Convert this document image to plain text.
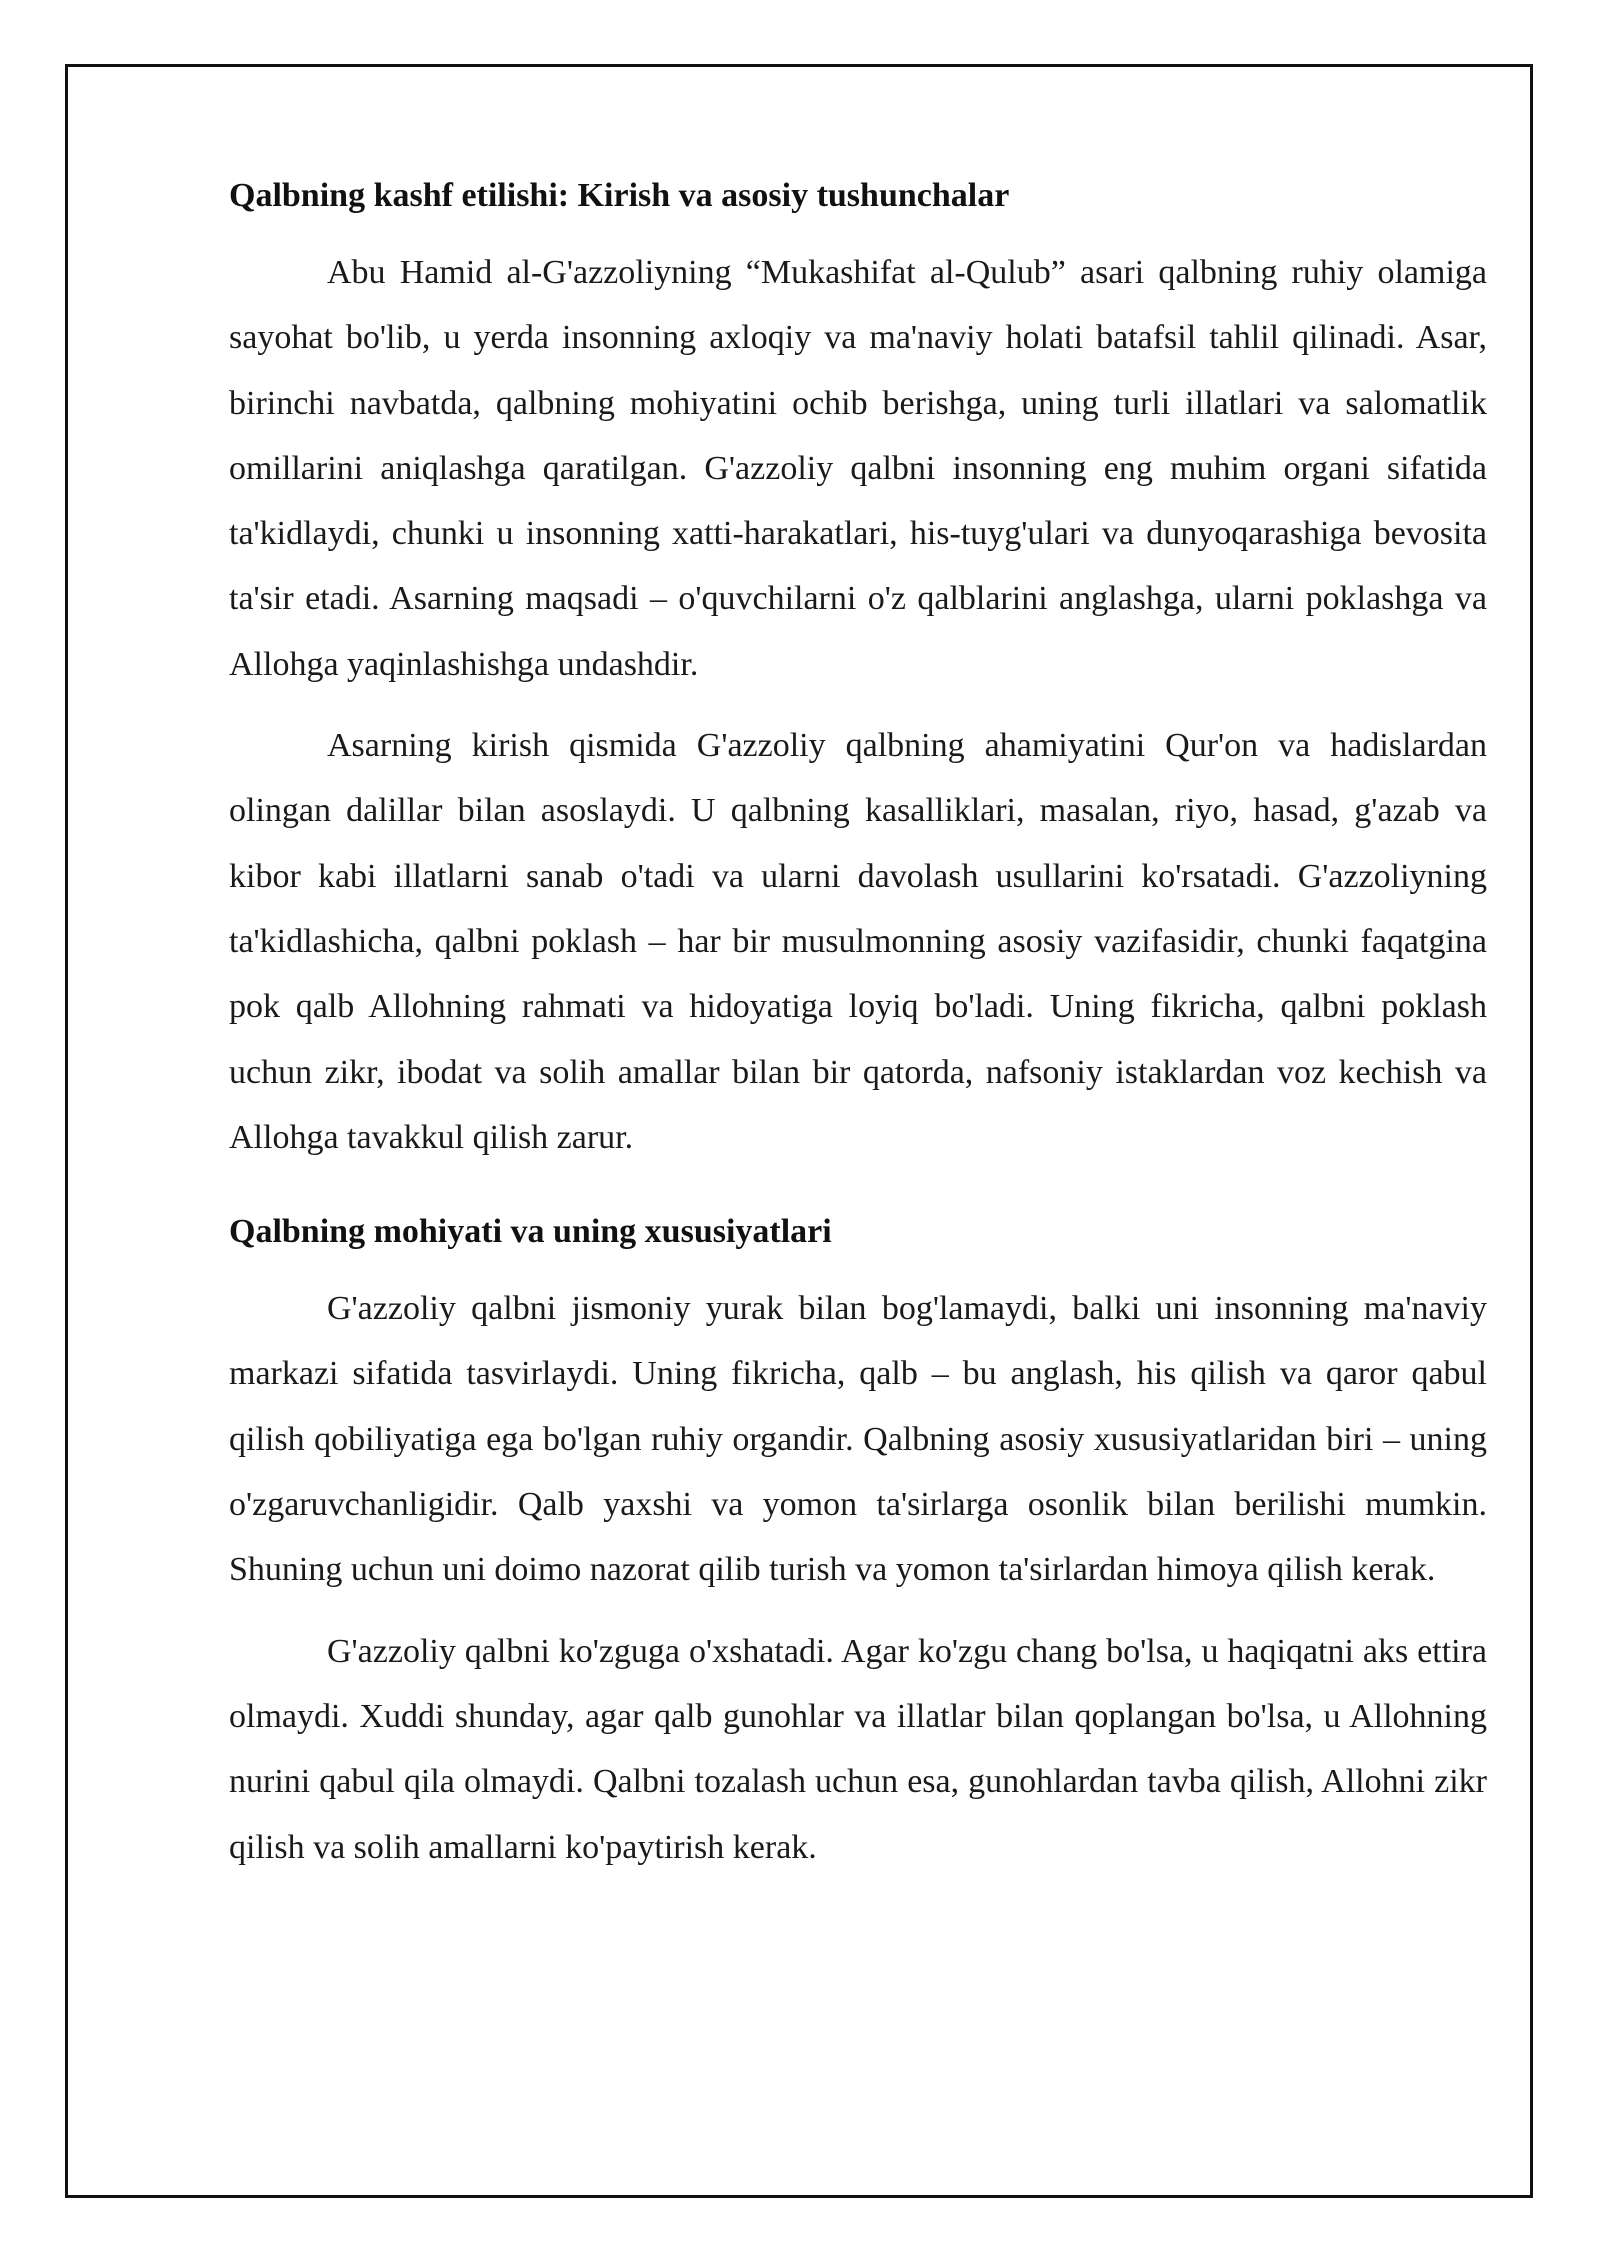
Qalbning kashf etilishi: Kirish va asosiy tushunchalar

Abu Hamid al-G'azzoliyning “Mukashifat al-Qulub” asari qalbning ruhiy olamiga sayohat bo'lib, u yerda insonning axloqiy va ma'naviy holati batafsil tahlil qilinadi. Asar, birinchi navbatda, qalbning mohiyatini ochib berishga, uning turli illatlari va salomatlik omillarini aniqlashga qaratilgan. G'azzoliy qalbni insonning eng muhim organi sifatida ta'kidlaydi, chunki u insonning xatti-harakatlari, his-tuyg'ulari va dunyoqarashiga bevosita ta'sir etadi. Asarning maqsadi – o'quvchilarni o'z qalblarini anglashga, ularni poklashga va Allohga yaqinlashishga undashdir.

Asarning kirish qismida G'azzoliy qalbning ahamiyatini Qur'on va hadislardan olingan dalillar bilan asoslaydi. U qalbning kasalliklari, masalan, riyo, hasad, g'azab va kibor kabi illatlarni sanab o'tadi va ularni davolash usullarini ko'rsatadi. G'azzoliyning ta'kidlashicha, qalbni poklash – har bir musulmonning asosiy vazifasidir, chunki faqatgina pok qalb Allohning rahmati va hidoyatiga loyiq bo'ladi. Uning fikricha, qalbni poklash uchun zikr, ibodat va solih amallar bilan bir qatorda, nafsoniy istaklardan voz kechish va Allohga tavakkul qilish zarur.

Qalbning mohiyati va uning xususiyatlari

G'azzoliy qalbni jismoniy yurak bilan bog'lamaydi, balki uni insonning ma'naviy markazi sifatida tasvirlaydi. Uning fikricha, qalb – bu anglash, his qilish va qaror qabul qilish qobiliyatiga ega bo'lgan ruhiy organdir. Qalbning asosiy xususiyatlaridan biri – uning o'zgaruvchanligidir. Qalb yaxshi va yomon ta'sirlarga osonlik bilan berilishi mumkin. Shuning uchun uni doimo nazorat qilib turish va yomon ta'sirlardan himoya qilish kerak.

G'azzoliy qalbni ko'zguga o'xshatadi. Agar ko'zgu chang bo'lsa, u haqiqatni aks ettira olmaydi. Xuddi shunday, agar qalb gunohlar va illatlar bilan qoplangan bo'lsa, u Allohning nurini qabul qila olmaydi. Qalbni tozalash uchun esa, gunohlardan tavba qilish, Allohni zikr qilish va solih amallarni ko'paytirish kerak.
